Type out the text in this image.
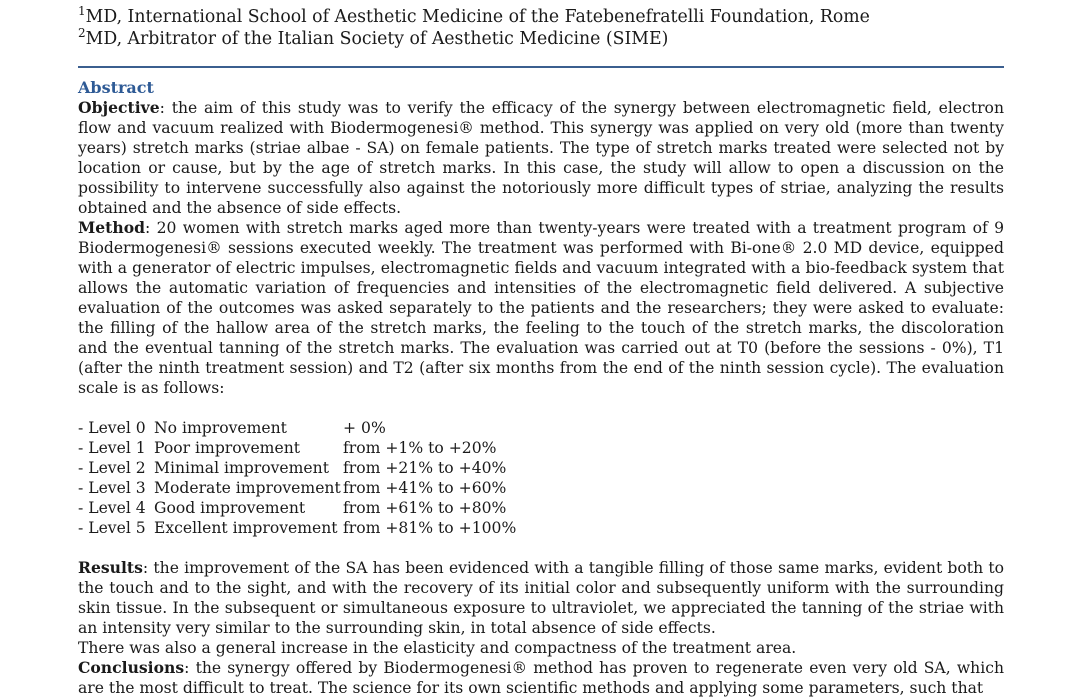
$^1$MD, International School of Aesthetic Medicine of the Fatebenefratelli Foundation, Rome
$^2$MD, Arbitrator of the Italian Society of Aesthetic Medicine (SIME)
Abstract
Objective: the aim of this study was to verify the efficacy of the synergy between electromagnetic field, electron flow and vacuum realized with Biodermogenesi® method. This synergy was applied on very old (more than twenty years) stretch marks (striae albae - SA) on female patients. The type of stretch marks treated were selected not by location or cause, but by the age of stretch marks. In this case, the study will allow to open a discussion on the possibility to intervene successfully also against the notoriously more difficult types of striae, analyzing the results obtained and the absence of side effects.
Method: 20 women with stretch marks aged more than twenty-years were treated with a treatment program of 9 Biodermogenesi® sessions executed weekly. The treatment was performed with Bi-one® 2.0 MD device, equipped with a generator of electric impulses, electromagnetic fields and vacuum integrated with a bio-feedback system that allows the automatic variation of frequencies and intensities of the electromagnetic field delivered. A subjective evaluation of the outcomes was asked separately to the patients and the researchers; they were asked to evaluate: the filling of the hallow area of the stretch marks, the feeling to the touch of the stretch marks, the discoloration and the eventual tanning of the stretch marks. The evaluation was carried out at T0 (before the sessions - 0%), T1 (after the ninth treatment session) and T2 (after six months from the end of the ninth session cycle). The evaluation scale is as follows:
- Level 0 No improvement	+ 0%
- Level 1 Poor improvement	from +1% to +20%
- Level 2 Minimal improvement from +21% to +40%
- Level 3 Moderate improvement from +41% to +60%
- Level 4 Good improvement	from +61% to +80%
- Level 5 Excellent improvement from +81% to +100%
Results: the improvement of the SA has been evidenced with a tangible filling of those same marks, evident both to the touch and to the sight, and with the recovery of its initial color and subsequently uniform with the surrounding skin tissue. In the subsequent or simultaneous exposure to ultraviolet, we appreciated the tanning of the striae with an intensity very similar to the surrounding skin, in total absence of side effects.
There was also a general increase in the elasticity and compactness of the treatment area.
Conclusions: the synergy offered by Biodermogenesi® method has proven to regenerate even very old SA, which are the most difficult to treat. The science for its own scientific methods and applying some parameters, such that
